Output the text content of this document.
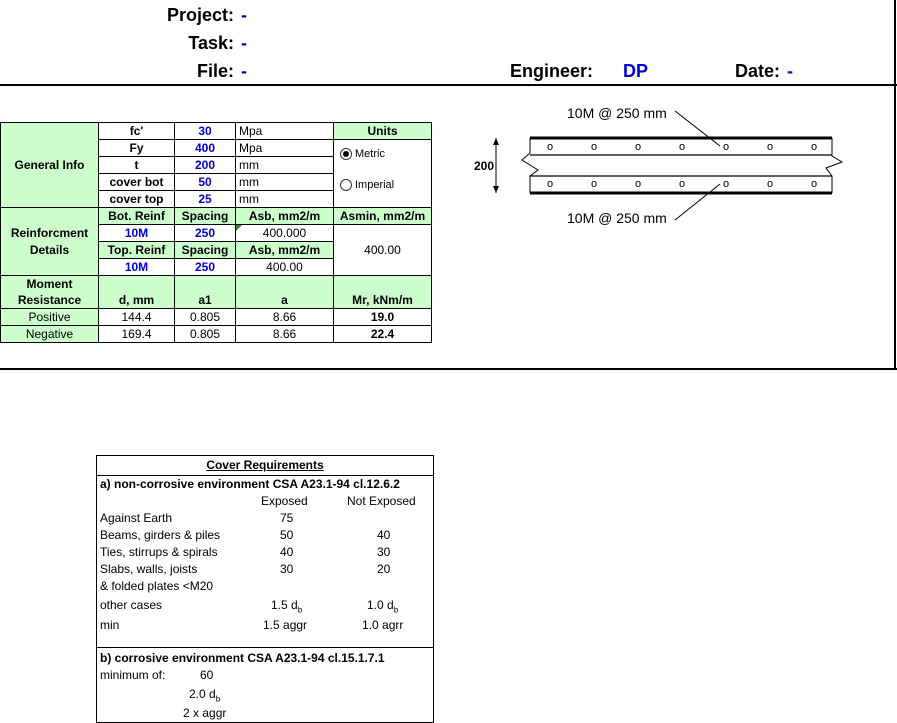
Project: -
Task: -
File: -	Engineer: DP	Date: -
General Info	fc'	30	Mpa	Units
	Fy	400	Mpa	Metric
Imperial

	t	200	mm	
	cover bot	50	mm	
	cover top	25	mm	
Reinforcment
Details	Bot. Reinf	Spacing	Asb, mm2/m	Asmin, mm2/m
	10M	250	400.000	400.00
	Top. Reinf	Spacing	Asb, mm2/m	
	10M	250	400.00	
Moment
Resistance	d, mm	a1	a	Mr, kNm/m
Positive	144.4	0.805	8.66	19.0
Negative	169.4	0.805	8.66	22.4
10M @ 250 mm
200
o	o	o	o	o	o	o
o	o	o	o	o	o	o
10M @ 250 mm
Cover Requirements
a) non-corrosive environment CSA A23.1-94 cl.12.6.2
Exposed	Not Exposed
Against Earth	75
Beams, girders & piles	50	40
Ties, stirrups & spirals	40	30
Slabs, walls, joists	30	20
& folded plates <M20
other cases	1.5 $d_b$	1.0 $d_b$
min	1.5 aggr	1.0 agrr
b) corrosive environment CSA A23.1-94 cl.15.1.7.1
minimum of:	60
2.0 $d_b$
2 x aggr
